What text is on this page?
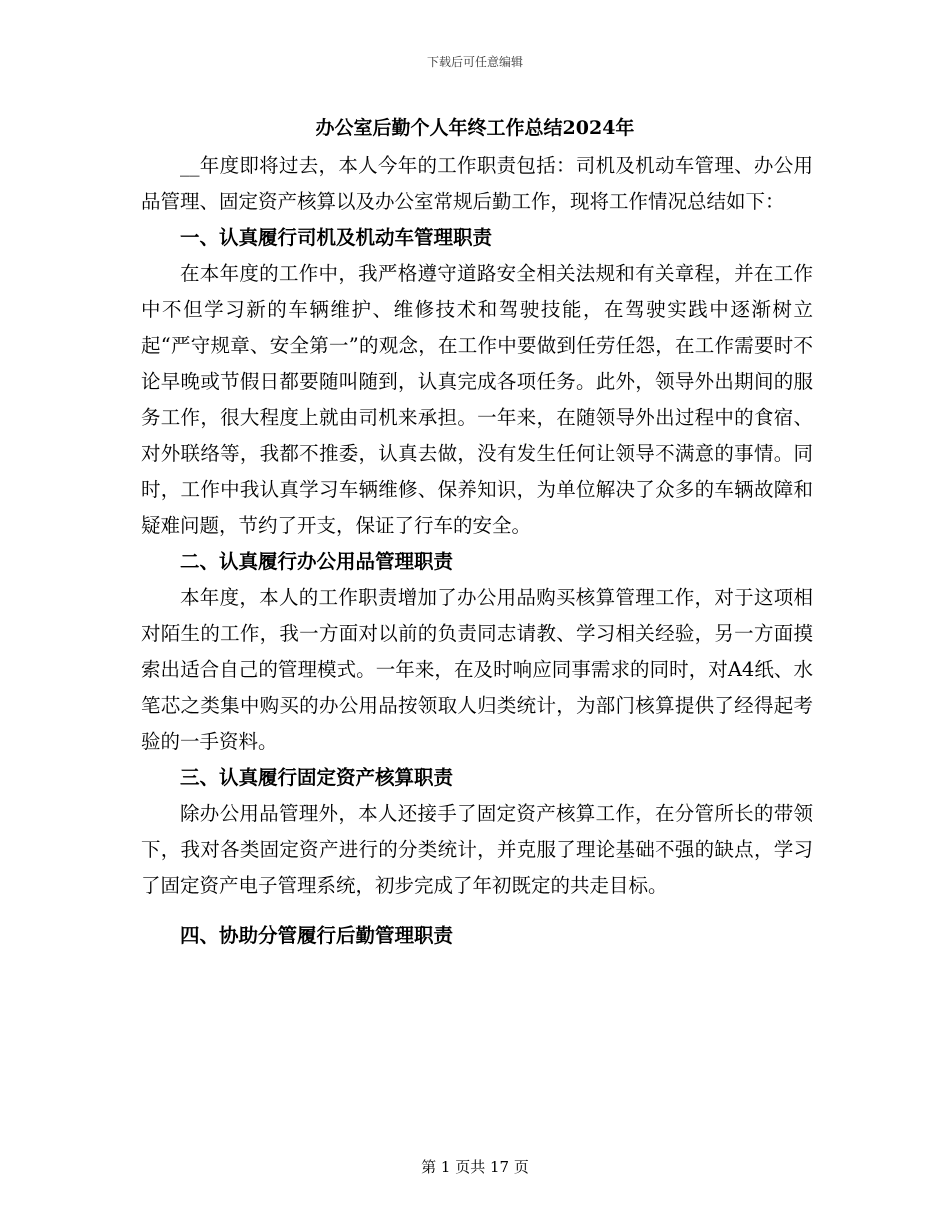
下载后可任意编辑
办公室后勤个人年终工作总结2024年

__年度即将过去，本人今年的工作职责包括：司机及机动车管理、办公用品管理、固定资产核算以及办公室常规后勤工作，现将工作情况总结如下：

一、认真履行司机及机动车管理职责

在本年度的工作中，我严格遵守道路安全相关法规和有关章程，并在工作中不但学习新的车辆维护、维修技术和驾驶技能，在驾驶实践中逐渐树立起“严守规章、安全第一”的观念，在工作中要做到任劳任怨，在工作需要时不论早晚或节假日都要随叫随到，认真完成各项任务。此外，领导外出期间的服务工作，很大程度上就由司机来承担。一年来，在随领导外出过程中的食宿、对外联络等，我都不推委，认真去做，没有发生任何让领导不满意的事情。同时，工作中我认真学习车辆维修、保养知识，为单位解决了众多的车辆故障和疑难问题，节约了开支，保证了行车的安全。

二、认真履行办公用品管理职责

本年度，本人的工作职责增加了办公用品购买核算管理工作，对于这项相对陌生的工作，我一方面对以前的负责同志请教、学习相关经验，另一方面摸索出适合自己的管理模式。一年来，在及时响应同事需求的同时，对A4纸、水笔芯之类集中购买的办公用品按领取人归类统计，为部门核算提供了经得起考验的一手资料。

三、认真履行固定资产核算职责

除办公用品管理外，本人还接手了固定资产核算工作，在分管所长的带领下，我对各类固定资产进行的分类统计，并克服了理论基础不强的缺点，学习了固定资产电子管理系统，初步完成了年初既定的共走目标。

四、协助分管履行后勤管理职责
第 1 页共 17 页
